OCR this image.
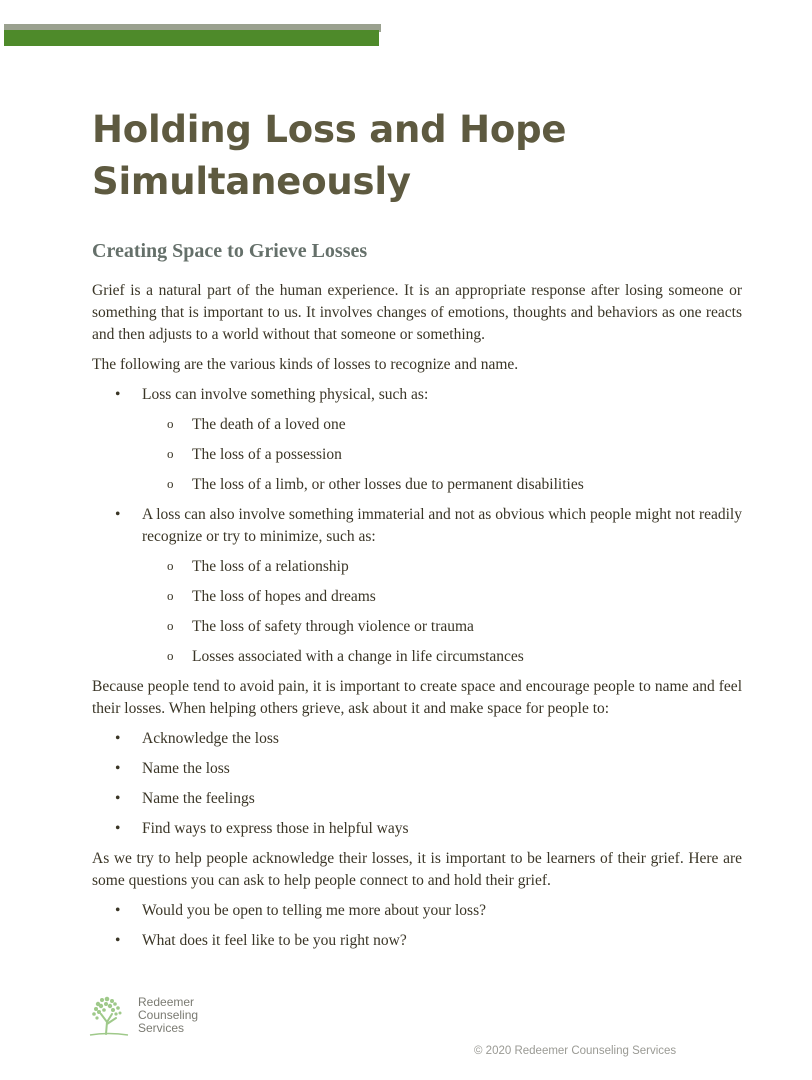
Holding Loss and Hope Simultaneously
Creating Space to Grieve Losses

Grief is a natural part of the human experience. It is an appropriate response after losing someone or something that is important to us. It involves changes of emotions, thoughts and behaviors as one reacts and then adjusts to a world without that someone or something.

The following are the various kinds of losses to recognize and name.

• Loss can involve something physical, such as:
o The death of a loved one
o The loss of a possession
o The loss of a limb, or other losses due to permanent disabilities
• A loss can also involve something immaterial and not as obvious which people might not readily recognize or try to minimize, such as:
o The loss of a relationship
o The loss of hopes and dreams
o The loss of safety through violence or trauma
o Losses associated with a change in life circumstances

Because people tend to avoid pain, it is important to create space and encourage people to name and feel their losses. When helping others grieve, ask about it and make space for people to:

• Acknowledge the loss
• Name the loss
• Name the feelings
• Find ways to express those in helpful ways

As we try to help people acknowledge their losses, it is important to be learners of their grief. Here are some questions you can ask to help people connect to and hold their grief.

• Would you be open to telling me more about your loss?
• What does it feel like to be you right now?
Redeemer
Counseling
Services
© 2020 Redeemer Counseling Services
